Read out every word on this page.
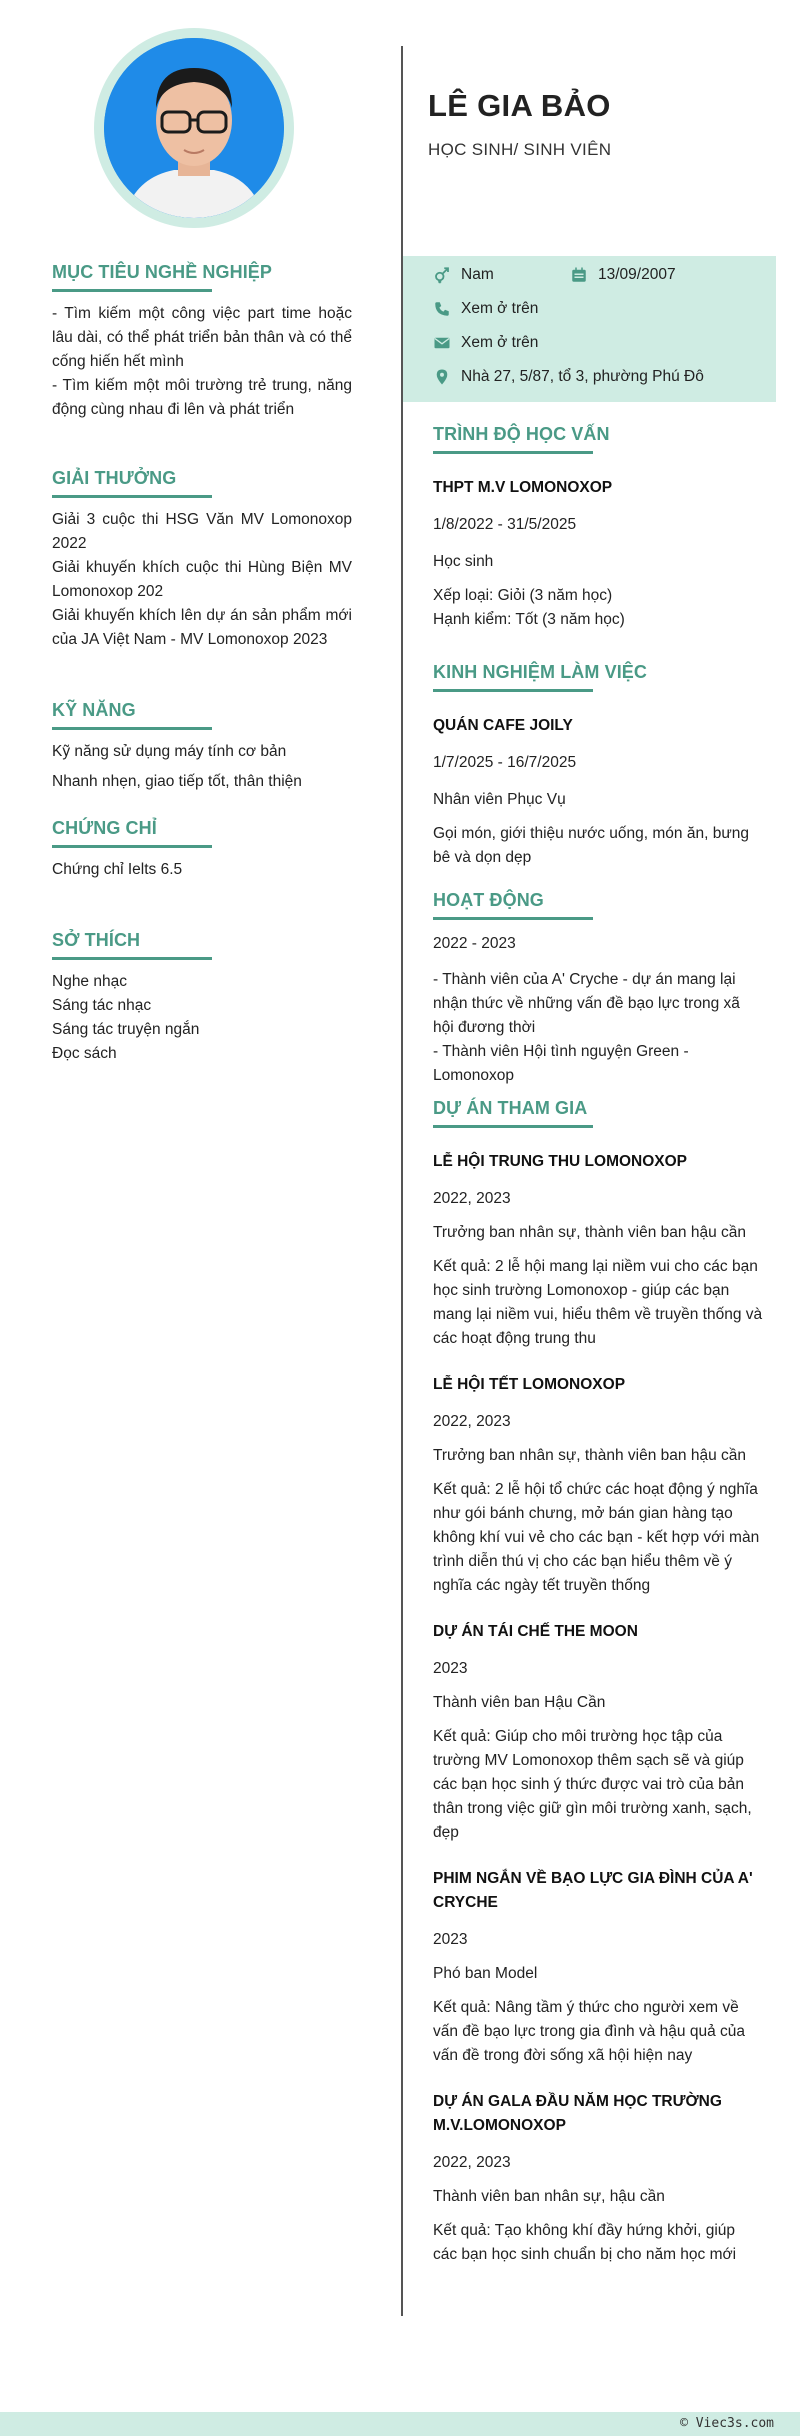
MỤC TIÊU NGHỀ NGHIỆP

- Tìm kiếm một công việc part time hoặc lâu dài, có thể phát triển bản thân và có thể cống hiến hết mình

- Tìm kiếm một môi trường trẻ trung, năng động cùng nhau đi lên và phát triển

GIẢI THƯỞNG

Giải 3 cuộc thi HSG Văn MV Lomonoxop 2022

Giải khuyến khích cuộc thi Hùng Biện MV Lomonoxop 202

Giải khuyến khích lên dự án sản phẩm mới của JA Việt Nam - MV Lomonoxop 2023

KỸ NĂNG

Kỹ năng sử dụng máy tính cơ bản

Nhanh nhẹn, giao tiếp tốt, thân thiện

CHỨNG CHỈ

Chứng chỉ Ielts 6.5

SỞ THÍCH

Nghe nhạc

Sáng tác nhạc

Sáng tác truyện ngắn

Đọc sách

LÊ GIA BẢO
HỌC SINH/ SINH VIÊN
Nam	13/09/2007
Xem ở trên
Xem ở trên
Nhà 27, 5/87, tổ 3, phường Phú Đô
TRÌNH ĐỘ HỌC VẤN

THPT M.V LOMONOXOP

1/8/2022 - 31/5/2025

Học sinh

Xếp loại: Giỏi (3 năm học)

Hạnh kiểm: Tốt (3 năm học)

KINH NGHIỆM LÀM VIỆC

QUÁN CAFE JOILY

1/7/2025 - 16/7/2025

Nhân viên Phục Vụ

Gọi món, giới thiệu nước uống, món ăn, bưng bê và dọn dẹp

HOẠT ĐỘNG

2022 - 2023

- Thành viên của A' Cryche - dự án mang lại nhận thức về những vấn đề bạo lực trong xã hội đương thời

- Thành viên Hội tình nguyện Green - Lomonoxop

DỰ ÁN THAM GIA

LỄ HỘI TRUNG THU LOMONOXOP

2022, 2023

Trưởng ban nhân sự, thành viên ban hậu cần

Kết quả: 2 lễ hội mang lại niềm vui cho các bạn học sinh trường Lomonoxop - giúp các bạn mang lại niềm vui, hiểu thêm về truyền thống và các hoạt động trung thu

LỄ HỘI TẾT LOMONOXOP

2022, 2023

Trưởng ban nhân sự, thành viên ban hậu cần

Kết quả: 2 lễ hội tổ chức các hoạt động ý nghĩa như gói bánh chưng, mở bán gian hàng tạo không khí vui vẻ cho các bạn - kết hợp với màn trình diễn thú vị cho các bạn hiểu thêm về ý nghĩa các ngày tết truyền thống

DỰ ÁN TÁI CHẾ THE MOON

2023

Thành viên ban Hậu Cần

Kết quả: Giúp cho môi trường học tập của trường MV Lomonoxop thêm sạch sẽ và giúp các bạn học sinh ý thức được vai trò của bản thân trong việc giữ gìn môi trường xanh, sạch, đẹp

PHIM NGẮN VỀ BẠO LỰC GIA ĐÌNH CỦA A' CRYCHE

2023

Phó ban Model

Kết quả: Nâng tầm ý thức cho người xem về vấn đề bạo lực trong gia đình và hậu quả của vấn đề trong đời sống xã hội hiện nay

DỰ ÁN GALA ĐẦU NĂM HỌC TRƯỜNG M.V.LOMONOXOP

2022, 2023

Thành viên ban nhân sự, hậu cần

Kết quả: Tạo không khí đầy hứng khởi, giúp các bạn học sinh chuẩn bị cho năm học mới

© Viec3s.com
